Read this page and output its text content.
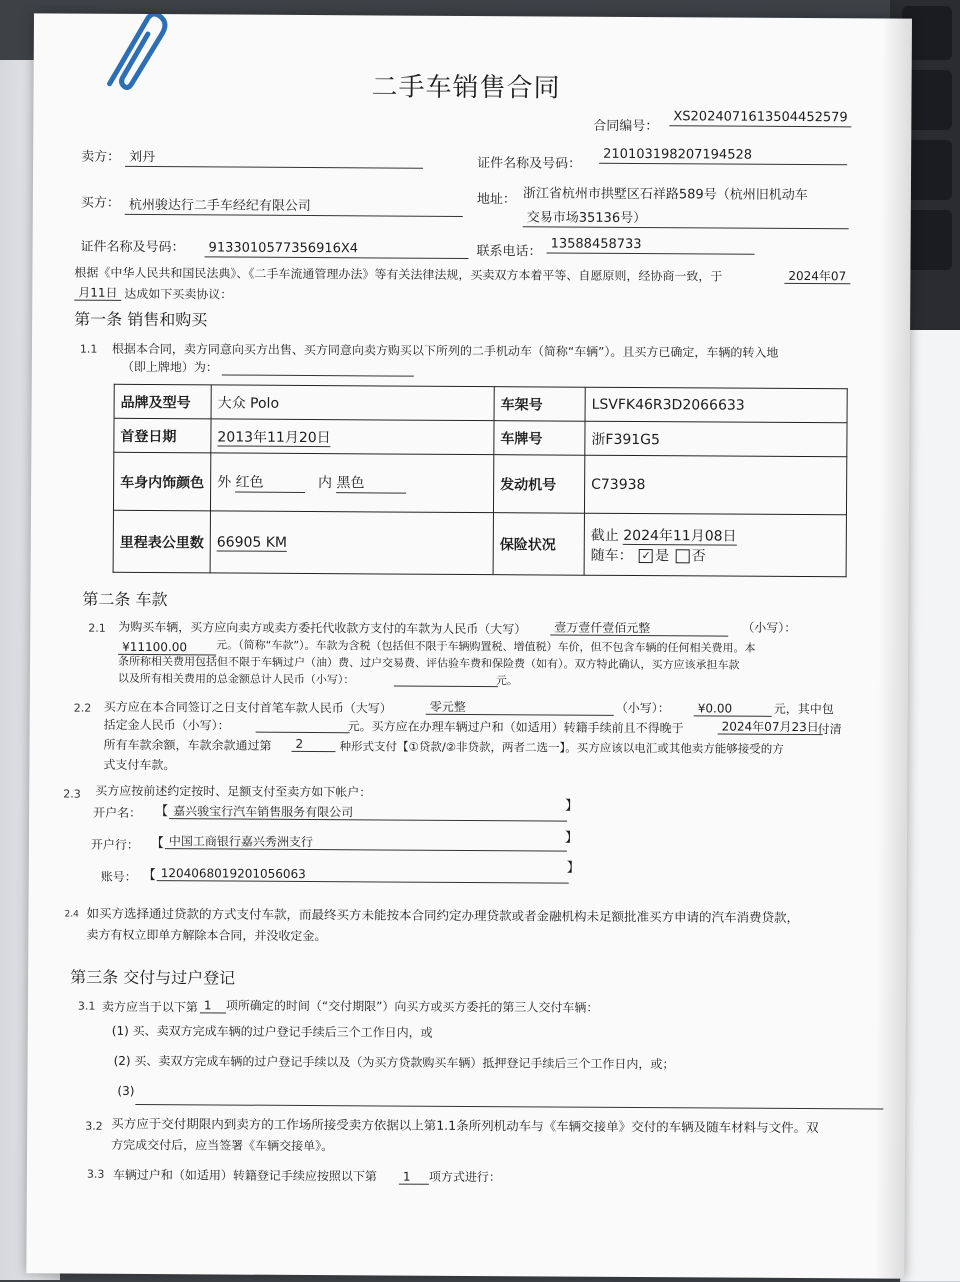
二手车销售合同
合同编号：
XS2024071613504452579
卖方： 刘丹	证件名称及号码：
210103198207194528
买方： 杭州骏达行二手车经纪有限公司	地址： 浙江省杭州市拱墅区石祥路589号（杭州旧机动车
交易市场35136号）
证件名称及号码：	9133010577356916X4	联系电话： 13588458733
根据《中华人民共和国民法典》、《二手车流通管理办法》等有关法律法规，买卖双方本着平等、自愿原则，经协商一致，于	2024年07
月11日 达成如下买卖协议：
第一条 销售和购买
1.1 根据本合同，卖方同意向买方出售、买方同意向卖方购买以下所列的二手机动车（简称“车辆”）。且买方已确定，车辆的转入地
（即上牌地）为：
品牌及型号	大众 Polo	车架号	LSVFK46R3D2066633
首登日期	2013年11月20日	车牌号	浙F391G5
车身内饰颜色	外 红色 内 黑色	发动机号	C73938
里程表公里数	66905 KM	保险状况	截止 2024年11月08日
随车： ✓ 是 否
第二条 车款
2.1 为购买车辆，买方应向卖方或卖方委托代收款方支付的车款为人民币（大写）	壹万壹仟壹佰元整	（小写）：
¥11100.00	元。（简称“车款”）。车款为含税（包括但不限于车辆购置税、增值税）车价，但不包含车辆的任何相关费用。本
条所称相关费用包括但不限于车辆过户（油）费、过户交易费、评估验车费和保险费（如有）。双方特此确认，买方应该承担车款
以及所有相关费用的总金额总计人民币（小写）：	元。
2.2 买方应在本合同签订之日支付首笔车款人民币（大写）	零元整	（小写）：	¥0.00	元，其中包
括定金人民币（小写）：	元。买方应在办理车辆过户和（如适用）转籍手续前且不得晚于	2024年07月23日
付清
所有车款余额，车款余款通过第	2	种形式支付【①贷款/②非贷款，两者二选一】。买方应该以电汇或其他卖方能够接受的方
式支付车款。
2.3 买方应按前述约定按时、足额支付至卖方如下帐户：
开户名： 【 嘉兴骏宝行汽车销售服务有限公司	】
开户行： 【 中国工商银行嘉兴秀洲支行	】
账号： 【 1204068019201056063	】
2.4 如买方选择通过贷款的方式支付车款，而最终买方未能按本合同约定办理贷款或者金融机构未足额批准买方申请的汽车消费贷款，
卖方有权立即单方解除本合同，并没收定金。
第三条 交付与过户登记
3.1 卖方应当于以下第 1	项所确定的时间（“交付期限”）向买方或买方委托的第三人交付车辆：
(1) 买、卖双方完成车辆的过户登记手续后三个工作日内，或
(2) 买、卖双方完成车辆的过户登记手续以及（为买方贷款购买车辆）抵押登记手续后三个工作日内，或；
(3)
3.2 买方应于交付期限内到卖方的工作场所接受卖方依据以上第1.1条所列机动车与《车辆交接单》交付的车辆及随车材料与文件。双
方完成交付后，应当签署《车辆交接单》。
3.3 车辆过户和（如适用）转籍登记手续应按照以下第	1	项方式进行：
